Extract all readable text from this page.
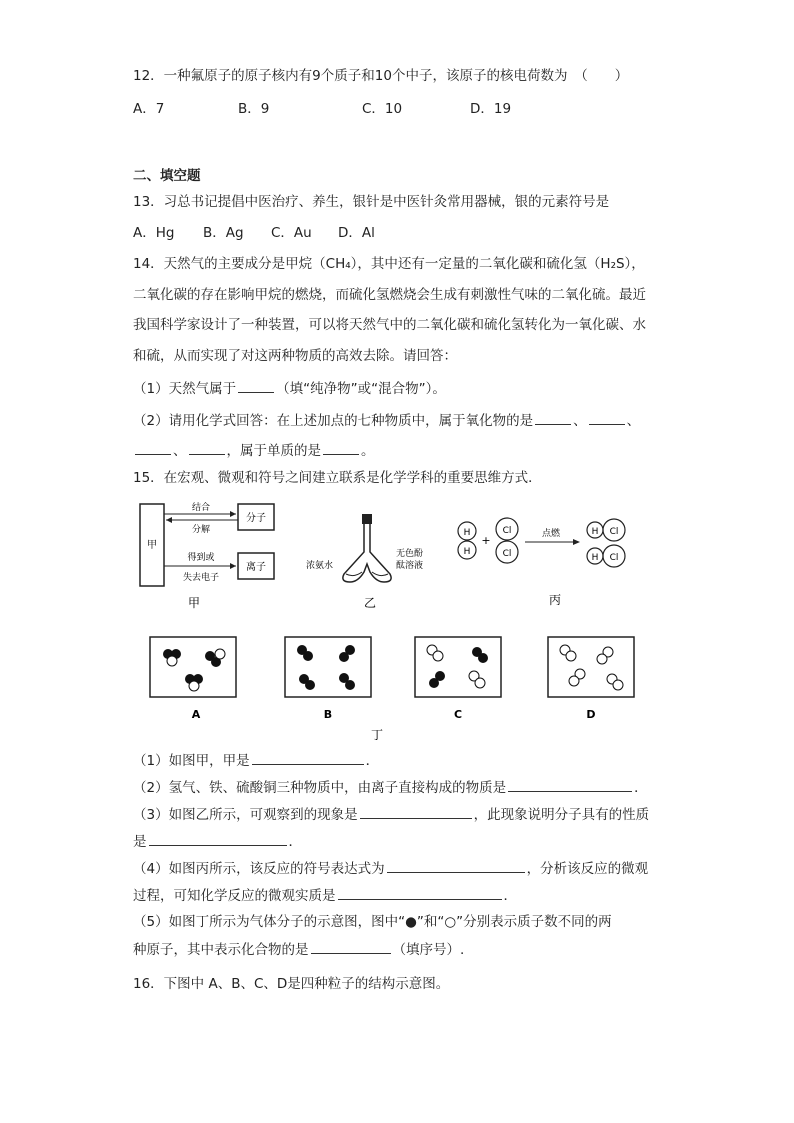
12．一种氟原子的原子核内有9个质子和10个中子，该原子的核电荷数为　（　　）
A．7	B．9	C．10	D．19
二、填空题
13．习总书记提倡中医治疗、养生，银针是中医针灸常用器械，银的元素符号是
A．Hg B．Ag C．Au D．Al
14．天然气的主要成分是甲烷（CH₄），其中还有一定量的二氧化碳和硫化氢（H₂S），
二氧化碳的存在影响甲烷的燃烧，而硫化氢燃烧会生成有刺激性气味的二氧化硫。最近
我国科学家设计了一种装置，可以将天然气中的二氧化碳和硫化氢转化为一氧化碳、水
和硫，从而实现了对这两种物质的高效去除。请回答：
（1）天然气属于	（填“纯净物”或“混合物”）。
（2）请用化学式回答：在上述加点的七种物质中，属于氧化物的是	、	、
、	，属于单质的是	。
15．在宏观、微观和符号之间建立联系是化学学科的重要思维方式．
甲
分子
离子
结合
分解
得到或
失去电子
甲
浓氨水
无色酚
酞溶液
乙
H
H
+
Cl
Cl
点燃	H Cl
H Cl
丙
A	B	C	D
丁
（1）如图甲，甲是	．
（2）氢气、铁、硫酸铜三种物质中，由离子直接构成的物质是	．
（3）如图乙所示，可观察到的现象是	，此现象说明分子具有的性质
是	．
（4）如图丙所示，该反应的符号表达式为	，分析该反应的微观
过程，可知化学反应的微观实质是	．
（5）如图丁所示为气体分子的示意图，图中“●”和“○”分别表示质子数不同的两
种原子，其中表示化合物的是	（填序号）.
16．下图中 A、B、C、D是四种粒子的结构示意图。
